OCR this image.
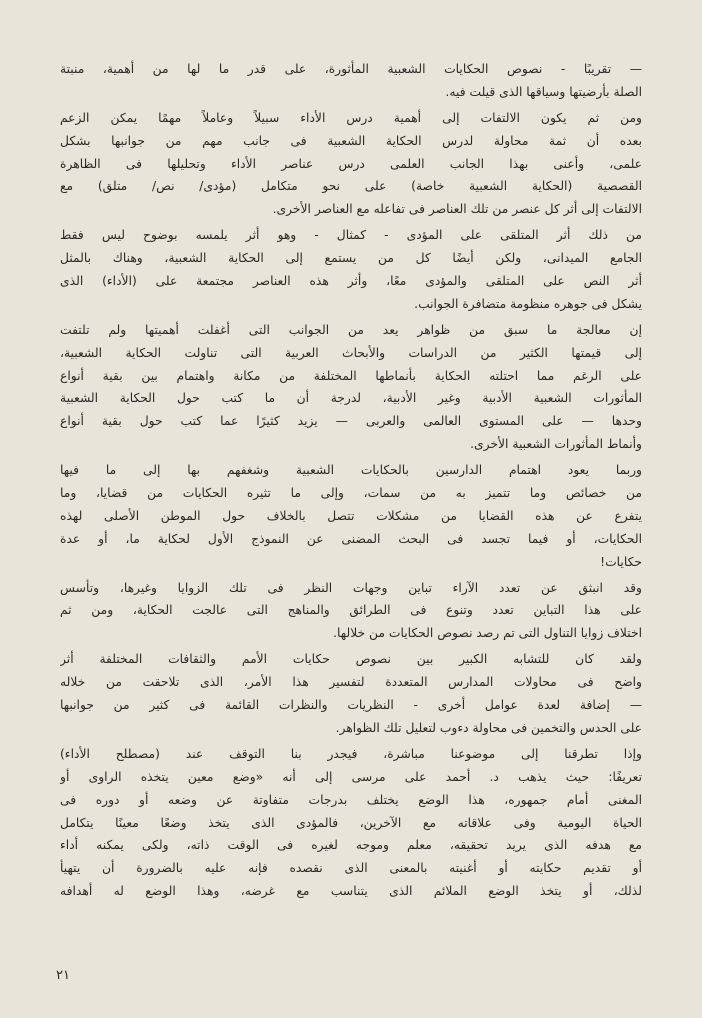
— تقريبًا - نصوص الحكايات الشعبية المأثورة، على قدر ما لها من أهمية، منبتة
الصلة بأرضيتها وسياقها الذى قيلت فيه.
ومن ثم يكون الالتفات إلى أهمية درس الأداء سبيلاً وعاملاً مهمًا يمكن الزعم
بعده أن ثمة محاولة لدرس الحكاية الشعبية فى جانب مهم من جوانبها بشكل
علمى، وأعنى بهذا الجانب العلمى درس عناصر الأداء وتحليلها فى الظاهرة
القصصية (الحكاية الشعبية خاصة) على نحو متكامل (مؤدى/ نص/ متلق) مع
الالتفات إلى أثر كل عنصر من تلك العناصر فى تفاعله مع العناصر الأخرى.
من ذلك أثر المتلقى على المؤدى - كمثال - وهو أثر يلمسه بوضوح ليس فقط
الجامع الميدانى، ولكن أيضًا كل من يستمع إلى الحكاية الشعبية، وهناك بالمثل
أثر النص على المتلقى والمؤدى معًا، وأثر هذه العناصر مجتمعة على (الأداء) الذى
يشكل فى جوهره منظومة متضافرة الجوانب.
إن معالجة ما سبق من ظواهر يعد من الجوانب التى أغفلت أهميتها ولم تلتفت
إلى قيمتها الكثير من الدراسات والأبحاث العربية التى تناولت الحكاية الشعبية،
على الرغم مما احتلته الحكاية بأنماطها المختلفة من مكانة واهتمام بين بقية أنواع
المأثورات الشعبية الأدبية وغير الأدبية، لدرجة أن ما كتب حول الحكاية الشعبية
وحدها — على المستوى العالمى والعربى — يزيد كثيرًا عما كتب حول بقية أنواع
وأنماط المأثورات الشعبية الأخرى.
وربما يعود اهتمام الدارسين بالحكايات الشعبية وشغفهم بها إلى ما فيها
من خصائص وما تتميز به من سمات، وإلى ما تثيره الحكايات من قضايا، وما
يتفرع عن هذه القضايا من مشكلات تتصل بالخلاف حول الموطن الأصلى لهذه
الحكايات، أو فيما تجسد فى البحث المضنى عن النموذج الأول لحكاية ما، أو عدة
حكايات!
وقد انبثق عن تعدد الآراء تباين وجهات النظر فى تلك الزوايا وغيرها، وتأسس
على هذا التباين تعدد وتنوع فى الطرائق والمناهج التى عالجت الحكاية، ومن ثم
اختلاف زوايا التناول التى تم رصد نصوص الحكايات من خلالها.
ولقد كان للتشابه الكبير بين نصوص حكايات الأمم والثقافات المختلفة أثر
واضح فى محاولات المدارس المتعددة لتفسير هذا الأمر، الذى تلاحقت من خلاله
— إضافة لعدة عوامل أخرى - النظريات والنظرات القائمة فى كثير من جوانبها
على الحدس والتخمين فى محاولة دءوب لتعليل تلك الظواهر.
وإذا تطرقنا إلى موضوعنا مباشرة، فيجدر بنا التوقف عند (مصطلح الأداء)
تعريفًا: حيث يذهب د. أحمد على مرسى إلى أنه «وضع معين يتخذه الراوى أو
المغنى أمام جمهوره، هذا الوضع يختلف بدرجات متفاوتة عن وضعه أو دوره فى
الحياة اليومية وفى علاقاته مع الآخرين، فالمؤدى الذى يتخذ وضعًا معينًا يتكامل
مع هدفه الذى يريد تحقيقه، معلم وموجه لغيره فى الوقت ذاته، ولكى يمكنه أداء
أو تقديم حكايته أو أغنيته بالمعنى الذى نقصده فإنه عليه بالضرورة أن يتهيأ
لذلك، أو يتخذ الوضع الملائم الذى يتناسب مع غرضه، وهذا الوضع له أهدافه
٢١
